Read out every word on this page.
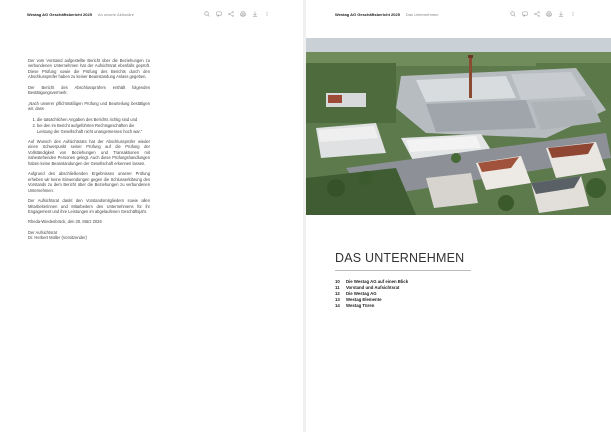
Westag AG Geschäftsbericht 2025 An unsere Aktionäre

Der vom Vorstand aufgestellte Bericht über die Beziehungen zu verbundenen Unternehmen hat der Aufsichtsrat ebenfalls geprüft. Diese Prüfung sowie die Prüfung des Berichts durch den Abschlussprüfer haben zu keiner Beanstandung Anlass gegeben.

Der Bericht des Abschlussprüfers enthält folgenden Bestätigungsvermerk:

„Nach unserer pflichtmäßigen Prüfung und Beurteilung bestätigen wir, dass

1. die tatsächlichen Angaben des Berichts richtig sind und
2. bei den im Bericht aufgeführten Rechtsgeschäften die Leistung der Gesellschaft nicht unangemessen hoch war.“

Auf Wunsch des Aufsichtsrats hat der Abschlussprüfer wieder einen Schwerpunkt seiner Prüfung auf die Prüfung der Vollständigkeit von Beziehungen und Transaktionen mit nahestehenden Personen gelegt. Auch diese Prüfungshandlungen haben keine Beanstandungen der Gesellschaft erkennen lassen.

Aufgrund des abschließenden Ergebnisses unserer Prüfung erheben wir keine Einwendungen gegen die Schlusserklärung des Vorstands zu dem Bericht über die Beziehungen zu verbundenen Unternehmen.

Der Aufsichtsrat dankt den Vorstandsmitgliedern sowie allen Mitarbeiterinnen und Mitarbeitern des Unternehmens für ihr Engagement und ihre Leistungen im abgelaufenen Geschäftsjahr.

Rheda-Wiedenbrück, den 30. März 2026

Der Aufsichtsrat

Dr. Herbert Müller (Vorsitzender)

Westag AG Geschäftsbericht 2025 Das Unternehmen
DAS UNTERNEHMEN
10	Die Westag AG auf einen Blick
11	Vorstand und Aufsichtsrat
12	Die Westag AG
13	Westag Elemente
14	Westag Türen
